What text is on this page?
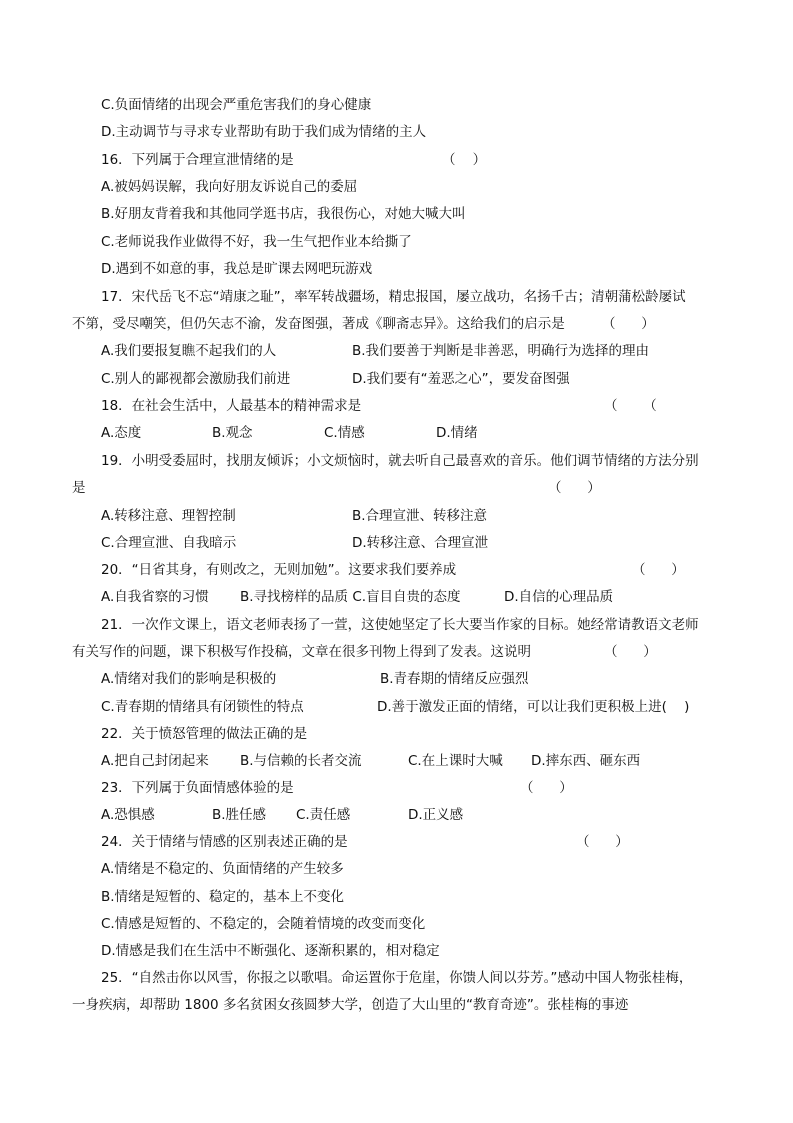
C.负面情绪的出现会严重危害我们的身心健康
D.主动调节与寻求专业帮助有助于我们成为情绪的主人
16．下列属于合理宣泄情绪的是	（    ）
A.被妈妈误解，我向好朋友诉说自己的委屈
B.好朋友背着我和其他同学逛书店，我很伤心，对她大喊大叫
C.老师说我作业做得不好，我一生气把作业本给撕了
D.遇到不如意的事，我总是旷课去网吧玩游戏
17．宋代岳飞不忘“靖康之耻”，率军转战疆场，精忠报国，屡立战功，名扬千古；清朝蒲松龄屡试
不第，受尽嘲笑，但仍矢志不渝，发奋图强，著成《聊斋志异》。这给我们的启示是	（      ）
A.我们要报复瞧不起我们的人	B.我们要善于判断是非善恶，明确行为选择的理由
C.别人的鄙视都会激励我们前进	D.我们要有“羞恶之心”，要发奋图强
18．在社会生活中，人最基本的精神需求是	（      （
A.态度	B.观念	C.情感	D.情绪
19．小明受委屈时，找朋友倾诉；小文烦恼时，就去听自己最喜欢的音乐。他们调节情绪的方法分别
是	（      ）
A.转移注意、理智控制	B.合理宣泄、转移注意
C.合理宣泄、自我暗示	D.转移注意、合理宣泄
20．“日省其身，有则改之，无则加勉”。这要求我们要养成	（      ）
A.自我省察的习惯 B.寻找榜样的品质 C.盲目自贵的态度	D.自信的心理品质
21．一次作文课上，语文老师表扬了一萱，这使她坚定了长大要当作家的目标。她经常请教语文老师
有关写作的问题，课下积极写作投稿，文章在很多刊物上得到了发表。这说明	（      ）
A.情绪对我们的影响是积极的	B.青春期的情绪反应强烈
C.青春期的情绪具有闭锁性的特点	D.善于激发正面的情绪，可以让我们更积极上进(    )
22．关于愤怒管理的做法正确的是
A.把自己封闭起来 B.与信赖的长者交流	C.在上课时大喊 D.摔东西、砸东西
23．下列属于负面情感体验的是	（      ）
A.恐惧感	B.胜任感 C.责任感	D.正义感
24．关于情绪与情感的区别表述正确的是	（      ）
A.情绪是不稳定的、负面情绪的产生较多
B.情绪是短暂的、稳定的，基本上不变化
C.情感是短暂的、不稳定的，会随着情境的改变而变化
D.情感是我们在生活中不断强化、逐渐积累的，相对稳定
25．“自然击你以风雪，你报之以歌唱。命运置你于危崖，你馈人间以芬芳。”感动中国人物张桂梅，
一身疾病，却帮助 1800 多名贫困女孩圆梦大学，创造了大山里的“教育奇迹”。张桂梅的事迹
